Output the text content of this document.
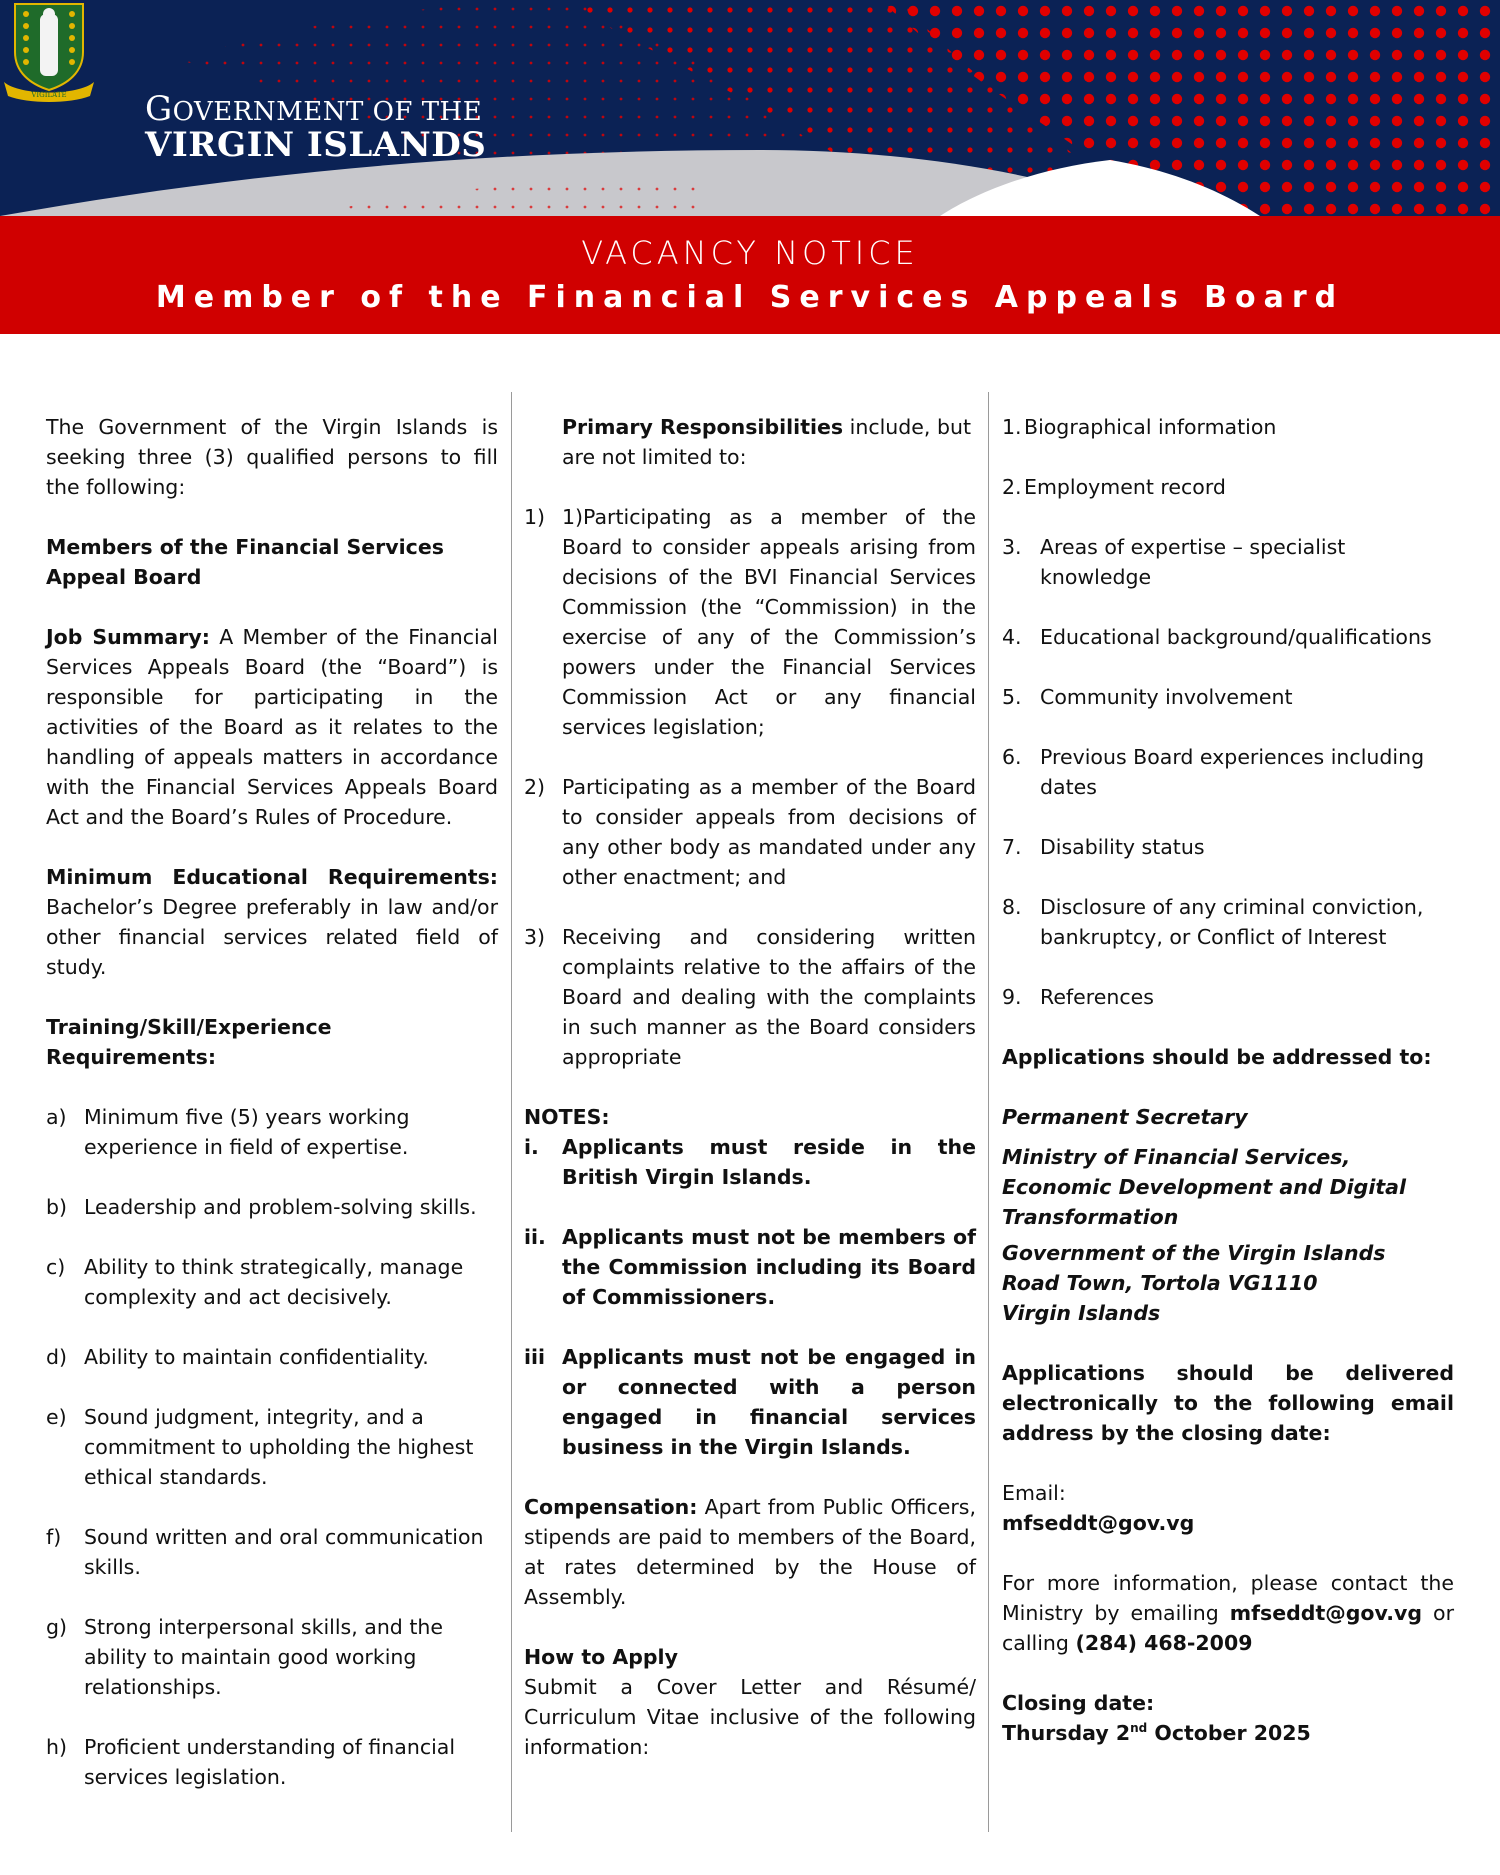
VIGILATE GOVERNMENT OF THE
VIRGIN ISLANDS
VACANCY NOTICE
Member of the Financial Services Appeals Board

The Government of the Virgin Islands is seeking three (3) qualified persons to fill the following:

Members of the Financial Services Appeal Board

Job Summary: A Member of the Financial Services Appeals Board (the “Board”) is responsible for participating in the activities of the Board as it relates to the handling of appeals matters in accordance with the Financial Services Appeals Board Act and the Board’s Rules of Procedure.

Minimum Educational Requirements: Bachelor’s Degree preferably in law and/or other financial services related field of study.

Training/Skill/Experience Requirements:

a) Minimum five (5) years working experience in field of expertise.
b) Leadership and problem-solving skills.
c) Ability to think strategically, manage complexity and act decisively.
d) Ability to maintain confidentiality.
e) Sound judgment, integrity, and a commitment to upholding the highest ethical standards.
f) Sound written and oral communication skills.
g) Strong interpersonal skills, and the ability to maintain good working relationships.
h) Proficient understanding of financial services legislation.

Primary Responsibilities include, but are not limited to:

1) 1)Participating as a member of the Board to consider appeals arising from decisions of the BVI Financial Services Commission (the “Commission) in the exercise of any of the Commission’s powers under the Financial Services Commission Act or any financial services legislation;
2) Participating as a member of the Board to consider appeals from decisions of any other body as mandated under any other enactment; and
3) Receiving and considering written complaints relative to the affairs of the Board and dealing with the complaints in such manner as the Board considers appropriate
NOTES:
i. Applicants must reside in the British Virgin Islands.
ii. Applicants must not be members of the Commission including its Board of Commissioners.
iii Applicants must not be engaged in or connected with a person engaged in financial services business in the Virgin Islands.

Compensation: Apart from Public Officers, stipends are paid to members of the Board, at rates determined by the House of Assembly.

How to Apply

Submit a Cover Letter and Résumé/ Curriculum Vitae inclusive of the following information:

1. Biographical information
2. Employment record
3. Areas of expertise – specialist knowledge
4. Educational background/qualifications
5. Community involvement
6. Previous Board experiences including dates
7. Disability status
8. Disclosure of any criminal conviction, bankruptcy, or Conflict of Interest
9. References

Applications should be addressed to:

Permanent Secretary

Ministry of Financial Services, Economic Development and Digital Transformation

Government of the Virgin Islands

Road Town, Tortola VG1110

Virgin Islands

Applications should be delivered electronically to the following email address by the closing date:

Email:

mfseddt@gov.vg

For more information, please contact the Ministry by emailing mfseddt@gov.vg or calling (284) 468-2009

Closing date:
Thursday 2nd October 2025
